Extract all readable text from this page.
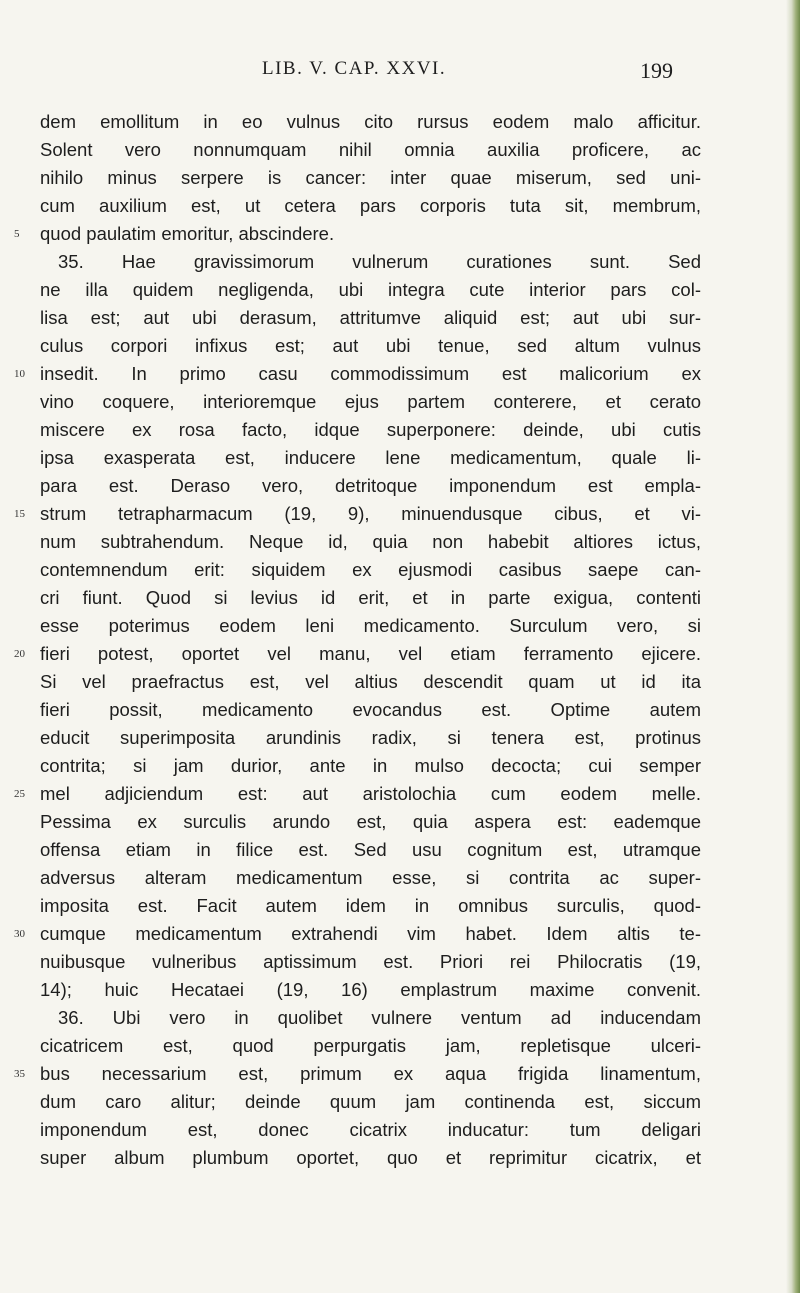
LIB. V. CAP. XXVI.	199
dem emollitum in eo vulnus cito rursus eodem malo afficitur.
Solent vero nonnumquam nihil omnia auxilia proficere, ac
nihilo minus serpere is cancer: inter quae miserum, sed uni-
cum auxilium est, ut cetera pars corporis tuta sit, membrum,
5	quod paulatim emoritur, abscindere.
35. Hae gravissimorum vulnerum curationes sunt. Sed
ne illa quidem negligenda, ubi integra cute interior pars col-
lisa est; aut ubi derasum, attritumve aliquid est; aut ubi sur-
culus corpori infixus est; aut ubi tenue, sed altum vulnus
10 insedit. In primo casu commodissimum est malicorium ex
vino coquere, interioremque ejus partem conterere, et cerato
miscere ex rosa facto, idque superponere: deinde, ubi cutis
ipsa exasperata est, inducere lene medicamentum, quale li-
para est. Deraso vero, detritoque imponendum est empla-
15 strum tetrapharmacum (19, 9), minuendusque cibus, et vi-
num subtrahendum. Neque id, quia non habebit altiores ictus,
contemnendum erit: siquidem ex ejusmodi casibus saepe can-
cri fiunt. Quod si levius id erit, et in parte exigua, contenti
esse poterimus eodem leni medicamento. Surculum vero, si
20 fieri potest, oportet vel manu, vel etiam ferramento ejicere.
Si vel praefractus est, vel altius descendit quam ut id ita
fieri possit, medicamento evocandus est. Optime autem
educit superimposita arundinis radix, si tenera est, protinus
contrita; si jam durior, ante in mulso decocta; cui semper
25 mel adjiciendum est: aut aristolochia cum eodem melle.
Pessima ex surculis arundo est, quia aspera est: eademque
offensa etiam in filice est. Sed usu cognitum est, utramque
adversus alteram medicamentum esse, si contrita ac super-
imposita est. Facit autem idem in omnibus surculis, quod-
30 cumque medicamentum extrahendi vim habet. Idem altis te-
nuibusque vulneribus aptissimum est. Priori rei Philocratis (19,
14); huic Hecataei (19, 16) emplastrum maxime convenit.
36. Ubi vero in quolibet vulnere ventum ad inducendam
cicatricem est, quod perpurgatis jam, repletisque ulceri-
35 bus necessarium est, primum ex aqua frigida linamentum,
dum caro alitur; deinde quum jam continenda est, siccum
imponendum est, donec cicatrix inducatur: tum deligari
super album plumbum oportet, quo et reprimitur cicatrix, et
